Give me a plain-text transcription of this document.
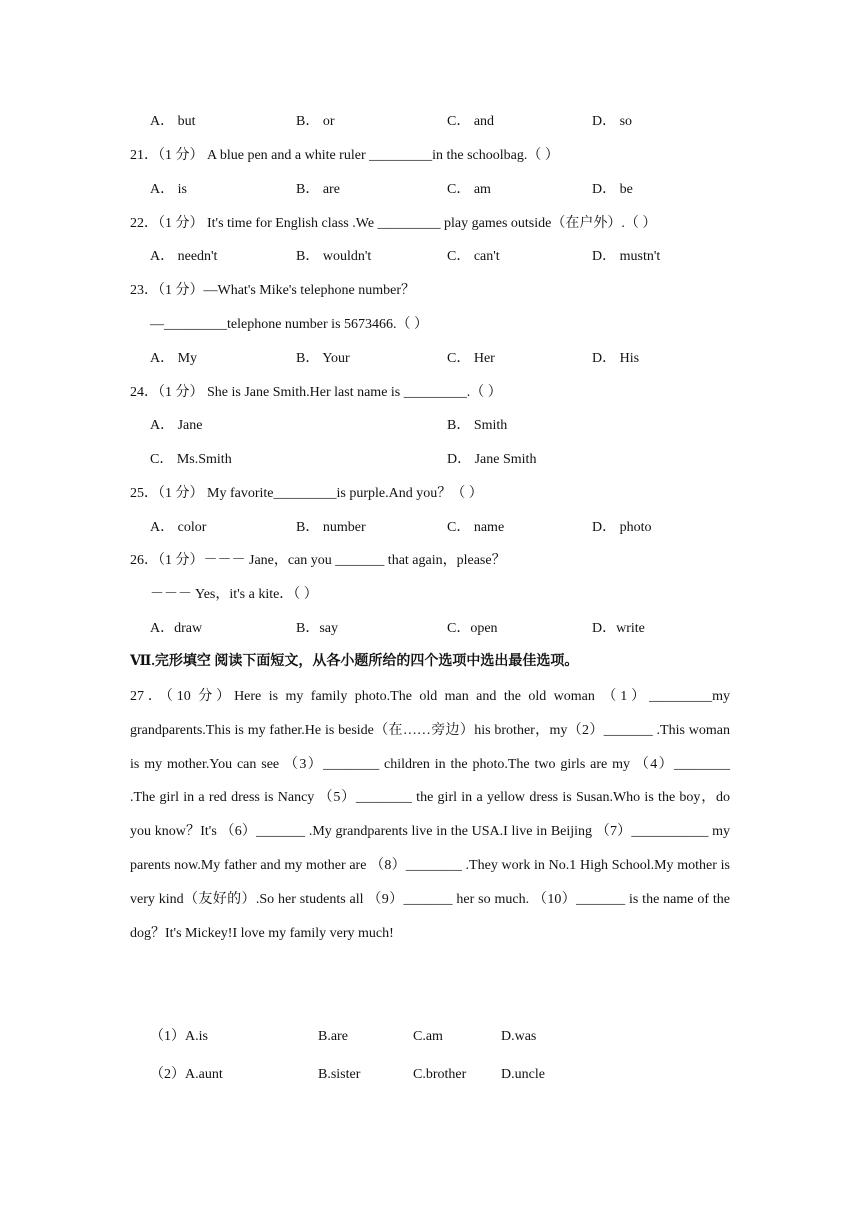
A． but	B． or	C． and	D． so
21．（1 分） A blue pen and a white ruler _________in the schoolbag.（ ）
A． is	B． are	C． am	D． be
22．（1 分） It's time for English class .We _________ play games outside（在户外）.（ ）
A． needn't	B． wouldn't	C． can't	D． mustn't
23．（1 分）—What's Mike's telephone number？
—_________telephone number is 5673466.（ ）
A． My	B． Your	C． Her	D． His
24．（1 分） She is Jane Smith.Her last name is _________.（ ）
A． Jane	B． Smith
C． Ms.Smith	D． Jane Smith
25．（1 分） My favorite_________is purple.And you？（ ）
A． color	B． number	C． name	D． photo
26．（1 分）－－－ Jane，can you _______ that again，please？
－－－ Yes，it's a kite．（ ）
A．draw	B．say	C．open	D．write
Ⅶ.完形填空 阅读下面短文，从各小题所给的四个选项中选出最佳选项。
27．（10 分）Here is my family photo.The old man and the old woman （1）_________my grandparents.This is my father.He is beside（在……旁边）his brother，my（2）_______ .This woman is my mother.You can see （3）________ children in the photo.The two girls are my （4）________ .The girl in a red dress is Nancy （5）________ the girl in a yellow dress is Susan.Who is the boy，do you know？It's （6）_______ .My grandparents live in the USA.I live in Beijing （7）___________ my parents now.My father and my mother are （8）________ .They work in No.1 High School.My mother is very kind（友好的）.So her students all （9）_______ her so much. （10）_______ is the name of the dog？It's Mickey!I love my family very much!
（1）A.is	B.are	C.am	D.was
（2）A.aunt	B.sister	C.brother D.uncle
